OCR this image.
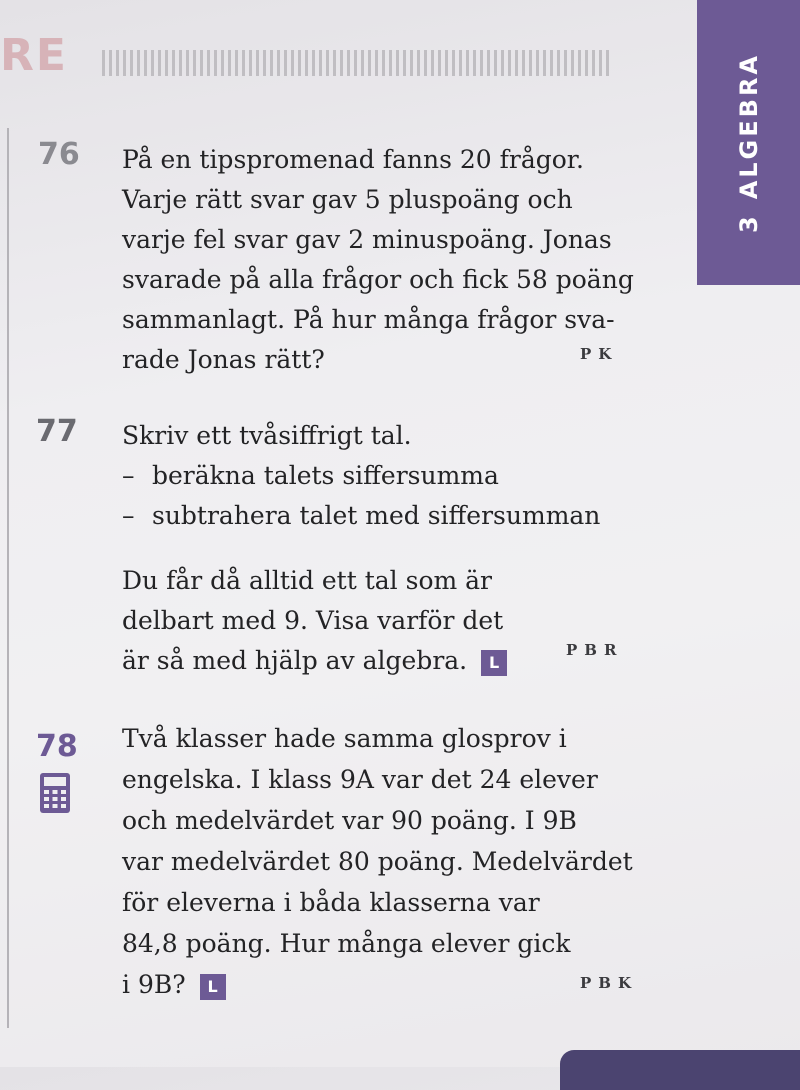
RE
3ALGEBRA
76 På en tipspromenad fanns 20 frågor.
Varje rätt svar gav 5 pluspoäng och
varje fel svar gav 2 minuspoäng. Jonas
svarade på alla frågor och fick 58 poäng
sammanlagt. På hur många frågor sva-
rade Jonas rätt?	PK
77 Skriv ett tvåsiffrigt tal.
– beräkna talets siffersumma
– subtrahera talet med siffersumman
Du får då alltid ett tal som är
delbart med 9. Visa varför det
är så med hjälp av algebra. L
PBR
78 Två klasser hade samma glosprov i
engelska. I klass 9A var det 24 elever
och medelvärdet var 90 poäng. I 9B
var medelvärdet 80 poäng. Medelvärdet
för eleverna i båda klasserna var
84,8 poäng. Hur många elever gick
i 9B? L	PBK
